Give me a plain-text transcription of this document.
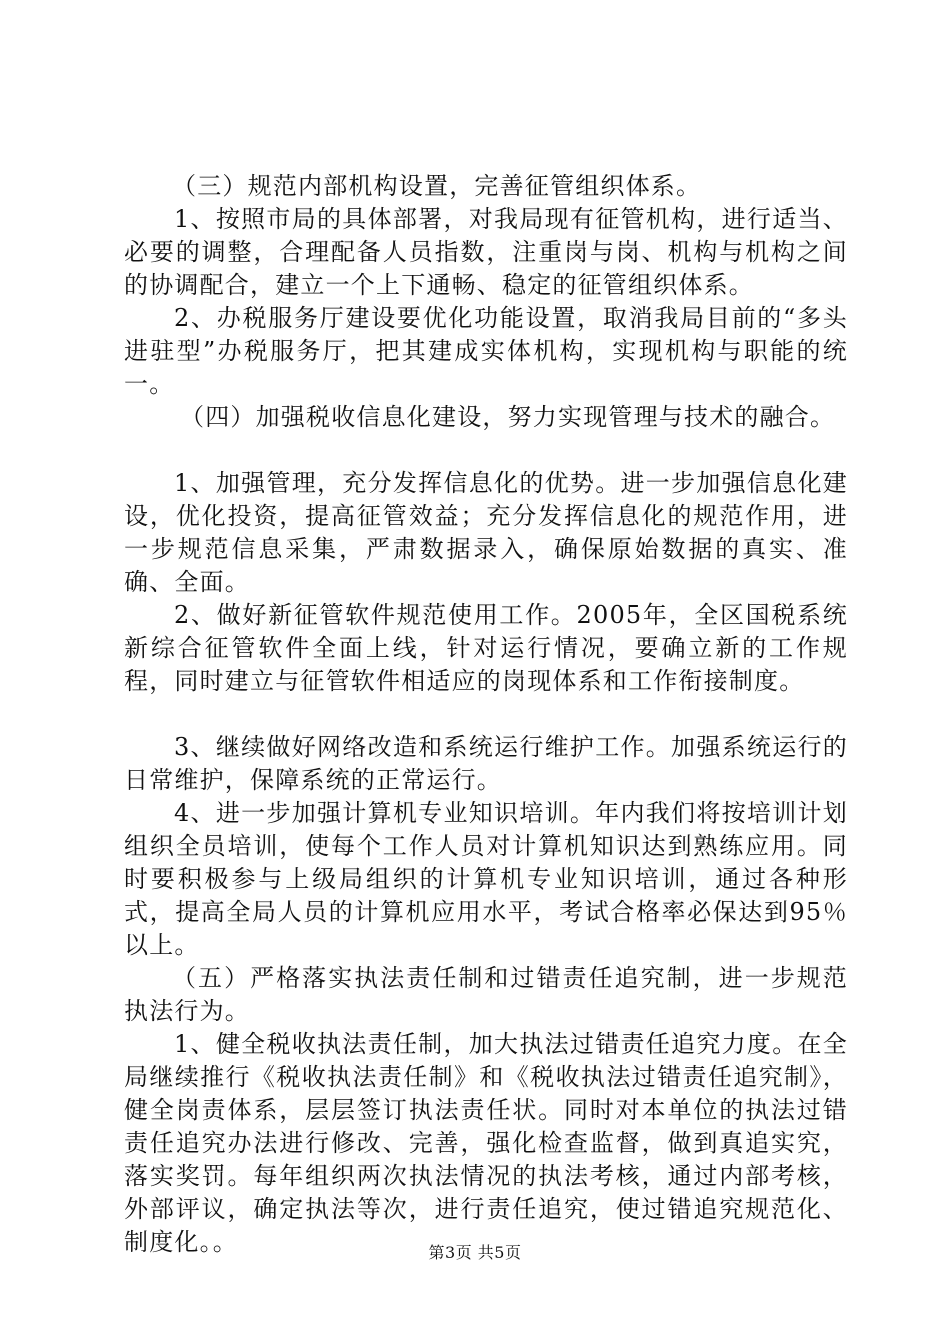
（三）规范内部机构设置，完善征管组织体系。

1、按照市局的具体部署，对我局现有征管机构，进行适当、必要的调整，合理配备人员指数，注重岗与岗、机构与机构之间的协调配合，建立一个上下通畅、稳定的征管组织体系。

2、办税服务厅建设要优化功能设置，取消我局目前的“多头进驻型”办税服务厅，把其建成实体机构，实现机构与职能的统一。

（四）加强税收信息化建设，努力实现管理与技术的融合。

1、加强管理，充分发挥信息化的优势。进一步加强信息化建设，优化投资，提高征管效益；充分发挥信息化的规范作用，进一步规范信息采集，严肃数据录入，确保原始数据的真实、准确、全面。

2、做好新征管软件规范使用工作。2005年，全区国税系统新综合征管软件全面上线，针对运行情况，要确立新的工作规程，同时建立与征管软件相适应的岗现体系和工作衔接制度。

3、继续做好网络改造和系统运行维护工作。加强系统运行的日常维护，保障系统的正常运行。

4、进一步加强计算机专业知识培训。年内我们将按培训计划组织全员培训，使每个工作人员对计算机知识达到熟练应用。同时要积极参与上级局组织的计算机专业知识培训，通过各种形式，提高全局人员的计算机应用水平，考试合格率必保达到95％以上。

（五）严格落实执法责任制和过错责任追究制，进一步规范执法行为。

1、健全税收执法责任制，加大执法过错责任追究力度。在全局继续推行《税收执法责任制》和《税收执法过错责任追究制》，健全岗责体系，层层签订执法责任状。同时对本单位的执法过错责任追究办法进行修改、完善，强化检查监督，做到真追实究，落实奖罚。每年组织两次执法情况的执法考核，通过内部考核，外部评议，确定执法等次，进行责任追究，使过错追究规范化、制度化。。	第3页 共5页
